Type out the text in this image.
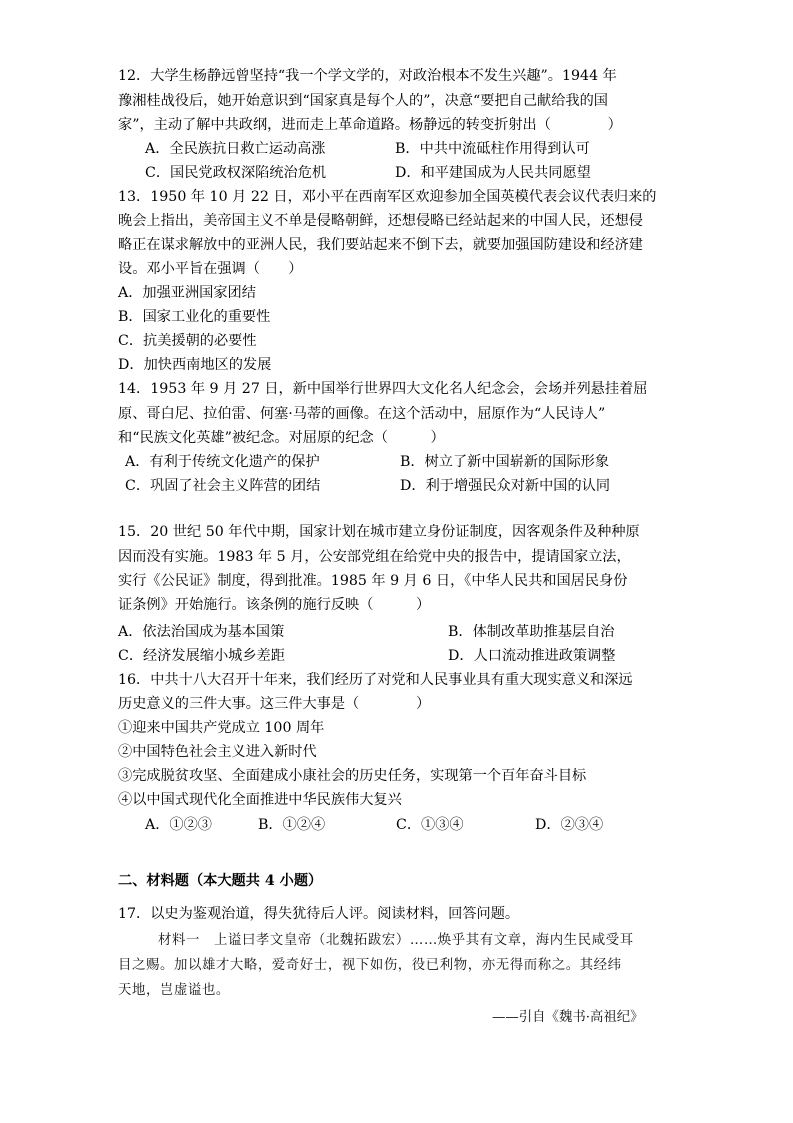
12．大学生杨静远曾坚持“我一个学文学的，对政治根本不发生兴趣”。1944 年
豫湘桂战役后，她开始意识到“国家真是每个人的”，决意“要把自己献给我的国
家”，主动了解中共政纲，进而走上革命道路。杨静远的转变折射出（　　　　）
A．全民族抗日救亡运动高涨	B．中共中流砥柱作用得到认可
C．国民党政权深陷统治危机	D．和平建国成为人民共同愿望
13．1950 年 10 月 22 日，邓小平在西南军区欢迎参加全国英模代表会议代表归来的
晚会上指出，美帝国主义不单是侵略朝鲜，还想侵略已经站起来的中国人民，还想侵
略正在谋求解放中的亚洲人民，我们要站起来不倒下去，就要加强国防建设和经济建
设。邓小平旨在强调（　　）
A．加强亚洲国家团结
B．国家工业化的重要性
C．抗美援朝的必要性
D．加快西南地区的发展
14．1953 年 9 月 27 日，新中国举行世界四大文化名人纪念会，会场并列悬挂着屈
原、哥白尼、拉伯雷、何塞·马蒂的画像。在这个活动中，屈原作为“人民诗人”
和“民族文化英雄”被纪念。对屈原的纪念（　　　）
A．有利于传统文化遗产的保护	B．树立了新中国崭新的国际形象
C．巩固了社会主义阵营的团结	D．利于增强民众对新中国的认同
15．20 世纪 50 年代中期，国家计划在城市建立身份证制度，因客观条件及种种原
因而没有实施。1983 年 5 月，公安部党组在给党中央的报告中，提请国家立法，
实行《公民证》制度，得到批准。1985 年 9 月 6 日，《中华人民共和国居民身份
证条例》开始施行。该条例的施行反映（　　　）
A．依法治国成为基本国策	B．体制改革助推基层自治
C．经济发展缩小城乡差距	D．人口流动推进政策调整
16．中共十八大召开十年来，我们经历了对党和人民事业具有重大现实意义和深远
历史意义的三件大事。这三件大事是（　　　　）
①迎来中国共产党成立 100 周年
②中国特色社会主义进入新时代
③完成脱贫攻坚、全面建成小康社会的历史任务，实现第一个百年奋斗目标
④以中国式现代化全面推进中华民族伟大复兴
A．①②③	B．①②④	C．①③④	D．②③④
二、材料题（本大题共 4 小题）
17．以史为鉴观治道，得失犹待后人评。阅读材料，回答问题。
材料一　上谥曰孝文皇帝（北魏拓跋宏）……焕乎其有文章，海内生民咸受耳
目之赐。加以雄才大略，爱奇好士，视下如伤，役已利物，亦无得而称之。其经纬
天地，岂虚谥也。
——引自《魏书·高祖纪》
